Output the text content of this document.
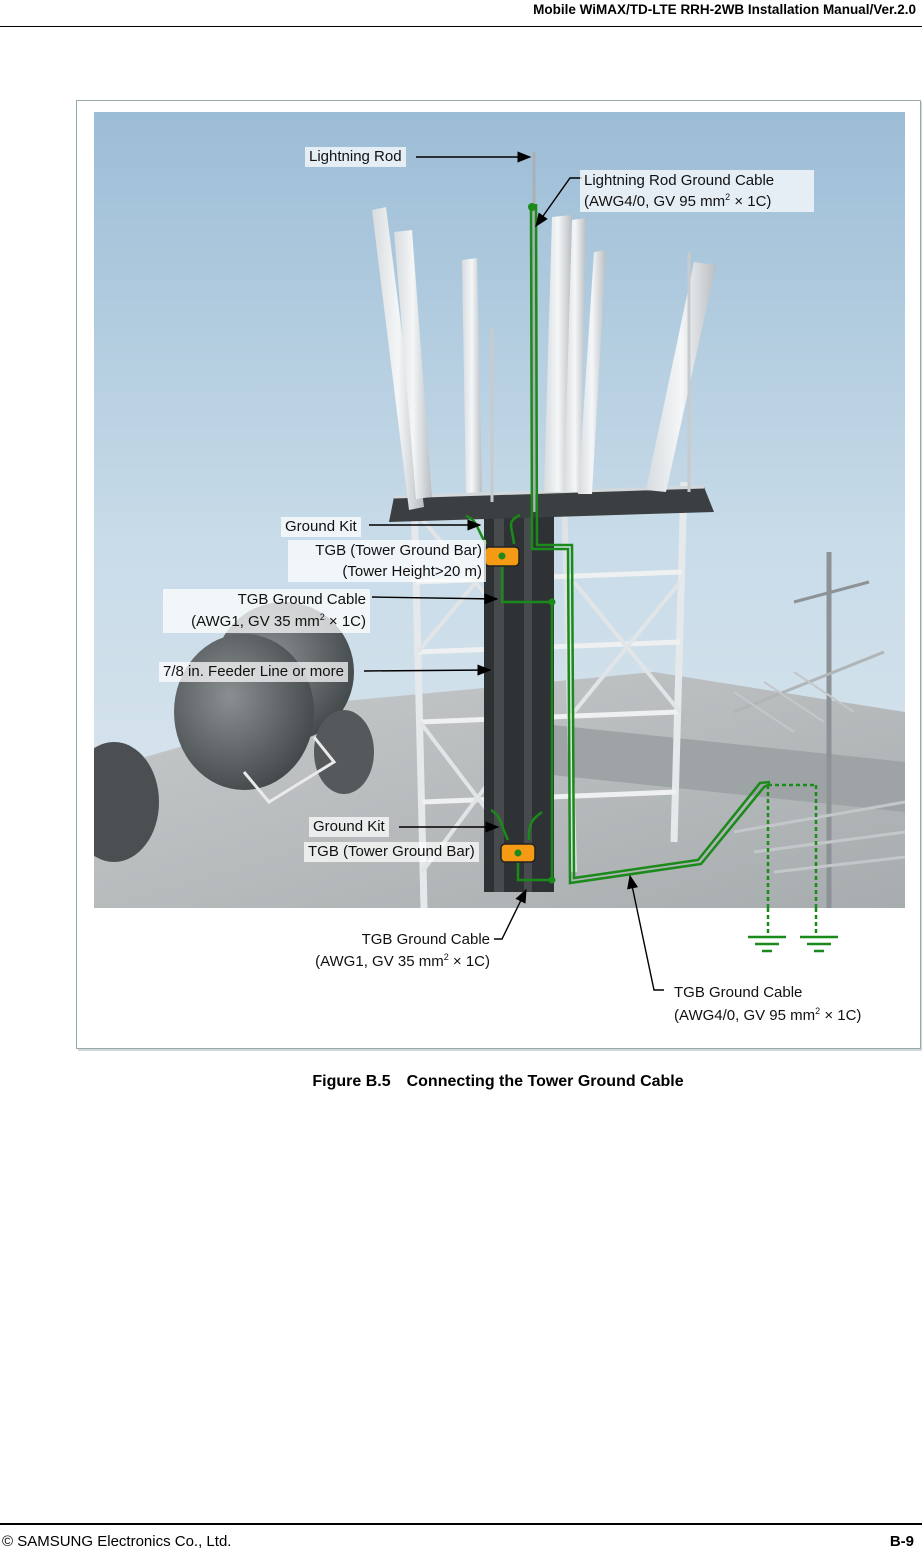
Mobile WiMAX/TD-LTE RRH-2WB Installation Manual/Ver.2.0
Lightning Rod
Lightning Rod Ground Cable
(AWG4/0, GV 95 $mm^2 \times 1C$)
Ground Kit
TGB (Tower Ground Bar)
(Tower Height>20 m)
TGB Ground Cable
(AWG1, GV 35 $mm^2 \times 1C$)
7/8 in. Feeder Line or more
Ground Kit
TGB (Tower Ground Bar)
TGB Ground Cable
(AWG1, GV 35 $mm^2 \times 1C$)
TGB Ground Cable
(AWG4/0, GV 95 $mm^2 \times 1C$)
Figure B.5 Connecting the Tower Ground Cable
© SAMSUNG Electronics Co., Ltd.	B-9
